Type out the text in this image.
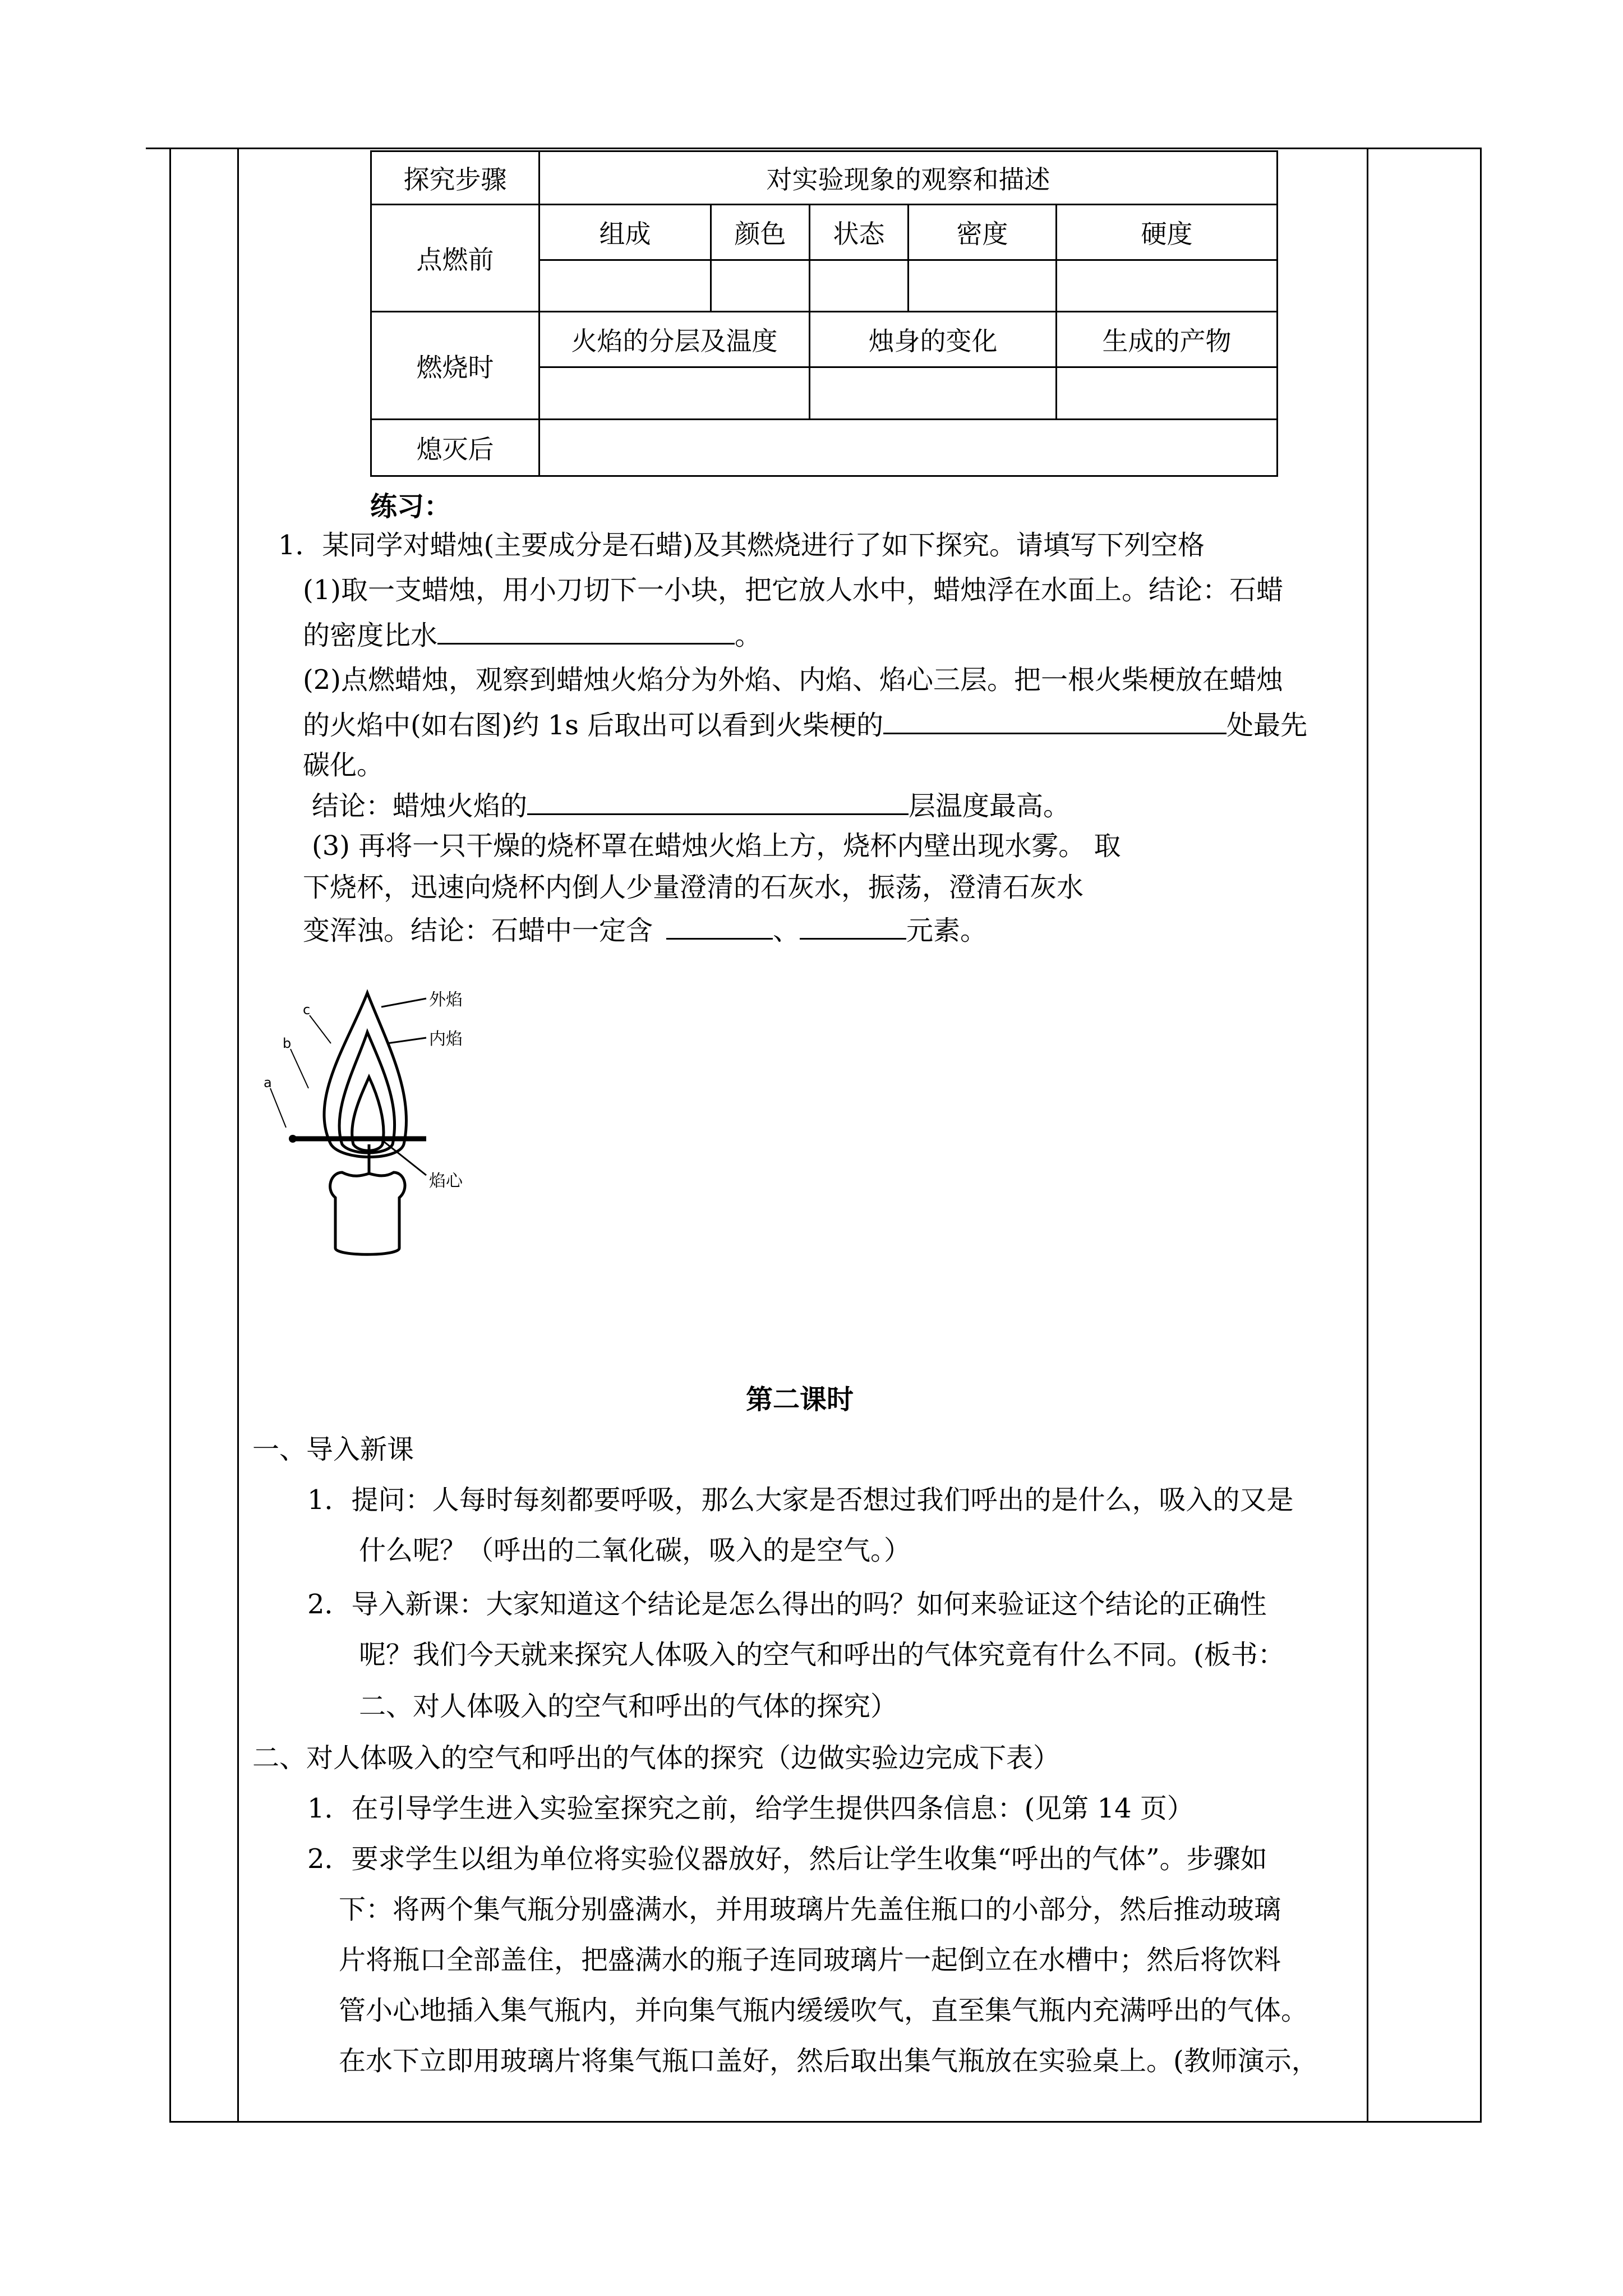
探究步骤	对实验现象的观察和描述				
点燃前	组成	颜色	状态	密度	硬度

燃烧时	火焰的分层及温度		烛身的变化		生成的产物

熄灭后					
练习：
1．某同学对蜡烛(主要成分是石蜡)及其燃烧进行了如下探究。请填写下列空格
(1)取一支蜡烛，用小刀切下一小块，把它放人水中，蜡烛浮在水面上。结论：石蜡
的密度比水	。
(2)点燃蜡烛，观察到蜡烛火焰分为外焰、内焰、焰心三层。把一根火柴梗放在蜡烛
的火焰中(如右图)约 1s 后取出可以看到火柴梗的	处最先
碳化。
结论：蜡烛火焰的	层温度最高。
(3) 再将一只干燥的烧杯罩在蜡烛火焰上方，烧杯内壁出现水雾。 取
下烧杯，迅速向烧杯内倒人少量澄清的石灰水，振荡，澄清石灰水
变浑浊。结论：石蜡中一定含	、	元素。
外焰
内焰
焰心
c
b
a
第二课时
一、导入新课
1．提问：人每时每刻都要呼吸，那么大家是否想过我们呼出的是什么，吸入的又是
什么呢？（呼出的二氧化碳，吸入的是空气。）
2．导入新课：大家知道这个结论是怎么得出的吗？如何来验证这个结论的正确性
呢？我们今天就来探究人体吸入的空气和呼出的气体究竟有什么不同。(板书：
二、对人体吸入的空气和呼出的气体的探究）
二、对人体吸入的空气和呼出的气体的探究（边做实验边完成下表）
1．在引导学生进入实验室探究之前，给学生提供四条信息：(见第 14 页）
2．要求学生以组为单位将实验仪器放好，然后让学生收集“呼出的气体”。步骤如
下：将两个集气瓶分别盛满水，并用玻璃片先盖住瓶口的小部分，然后推动玻璃
片将瓶口全部盖住，把盛满水的瓶子连同玻璃片一起倒立在水槽中；然后将饮料
管小心地插入集气瓶内，并向集气瓶内缓缓吹气，直至集气瓶内充满呼出的气体。
在水下立即用玻璃片将集气瓶口盖好，然后取出集气瓶放在实验桌上。(教师演示，
